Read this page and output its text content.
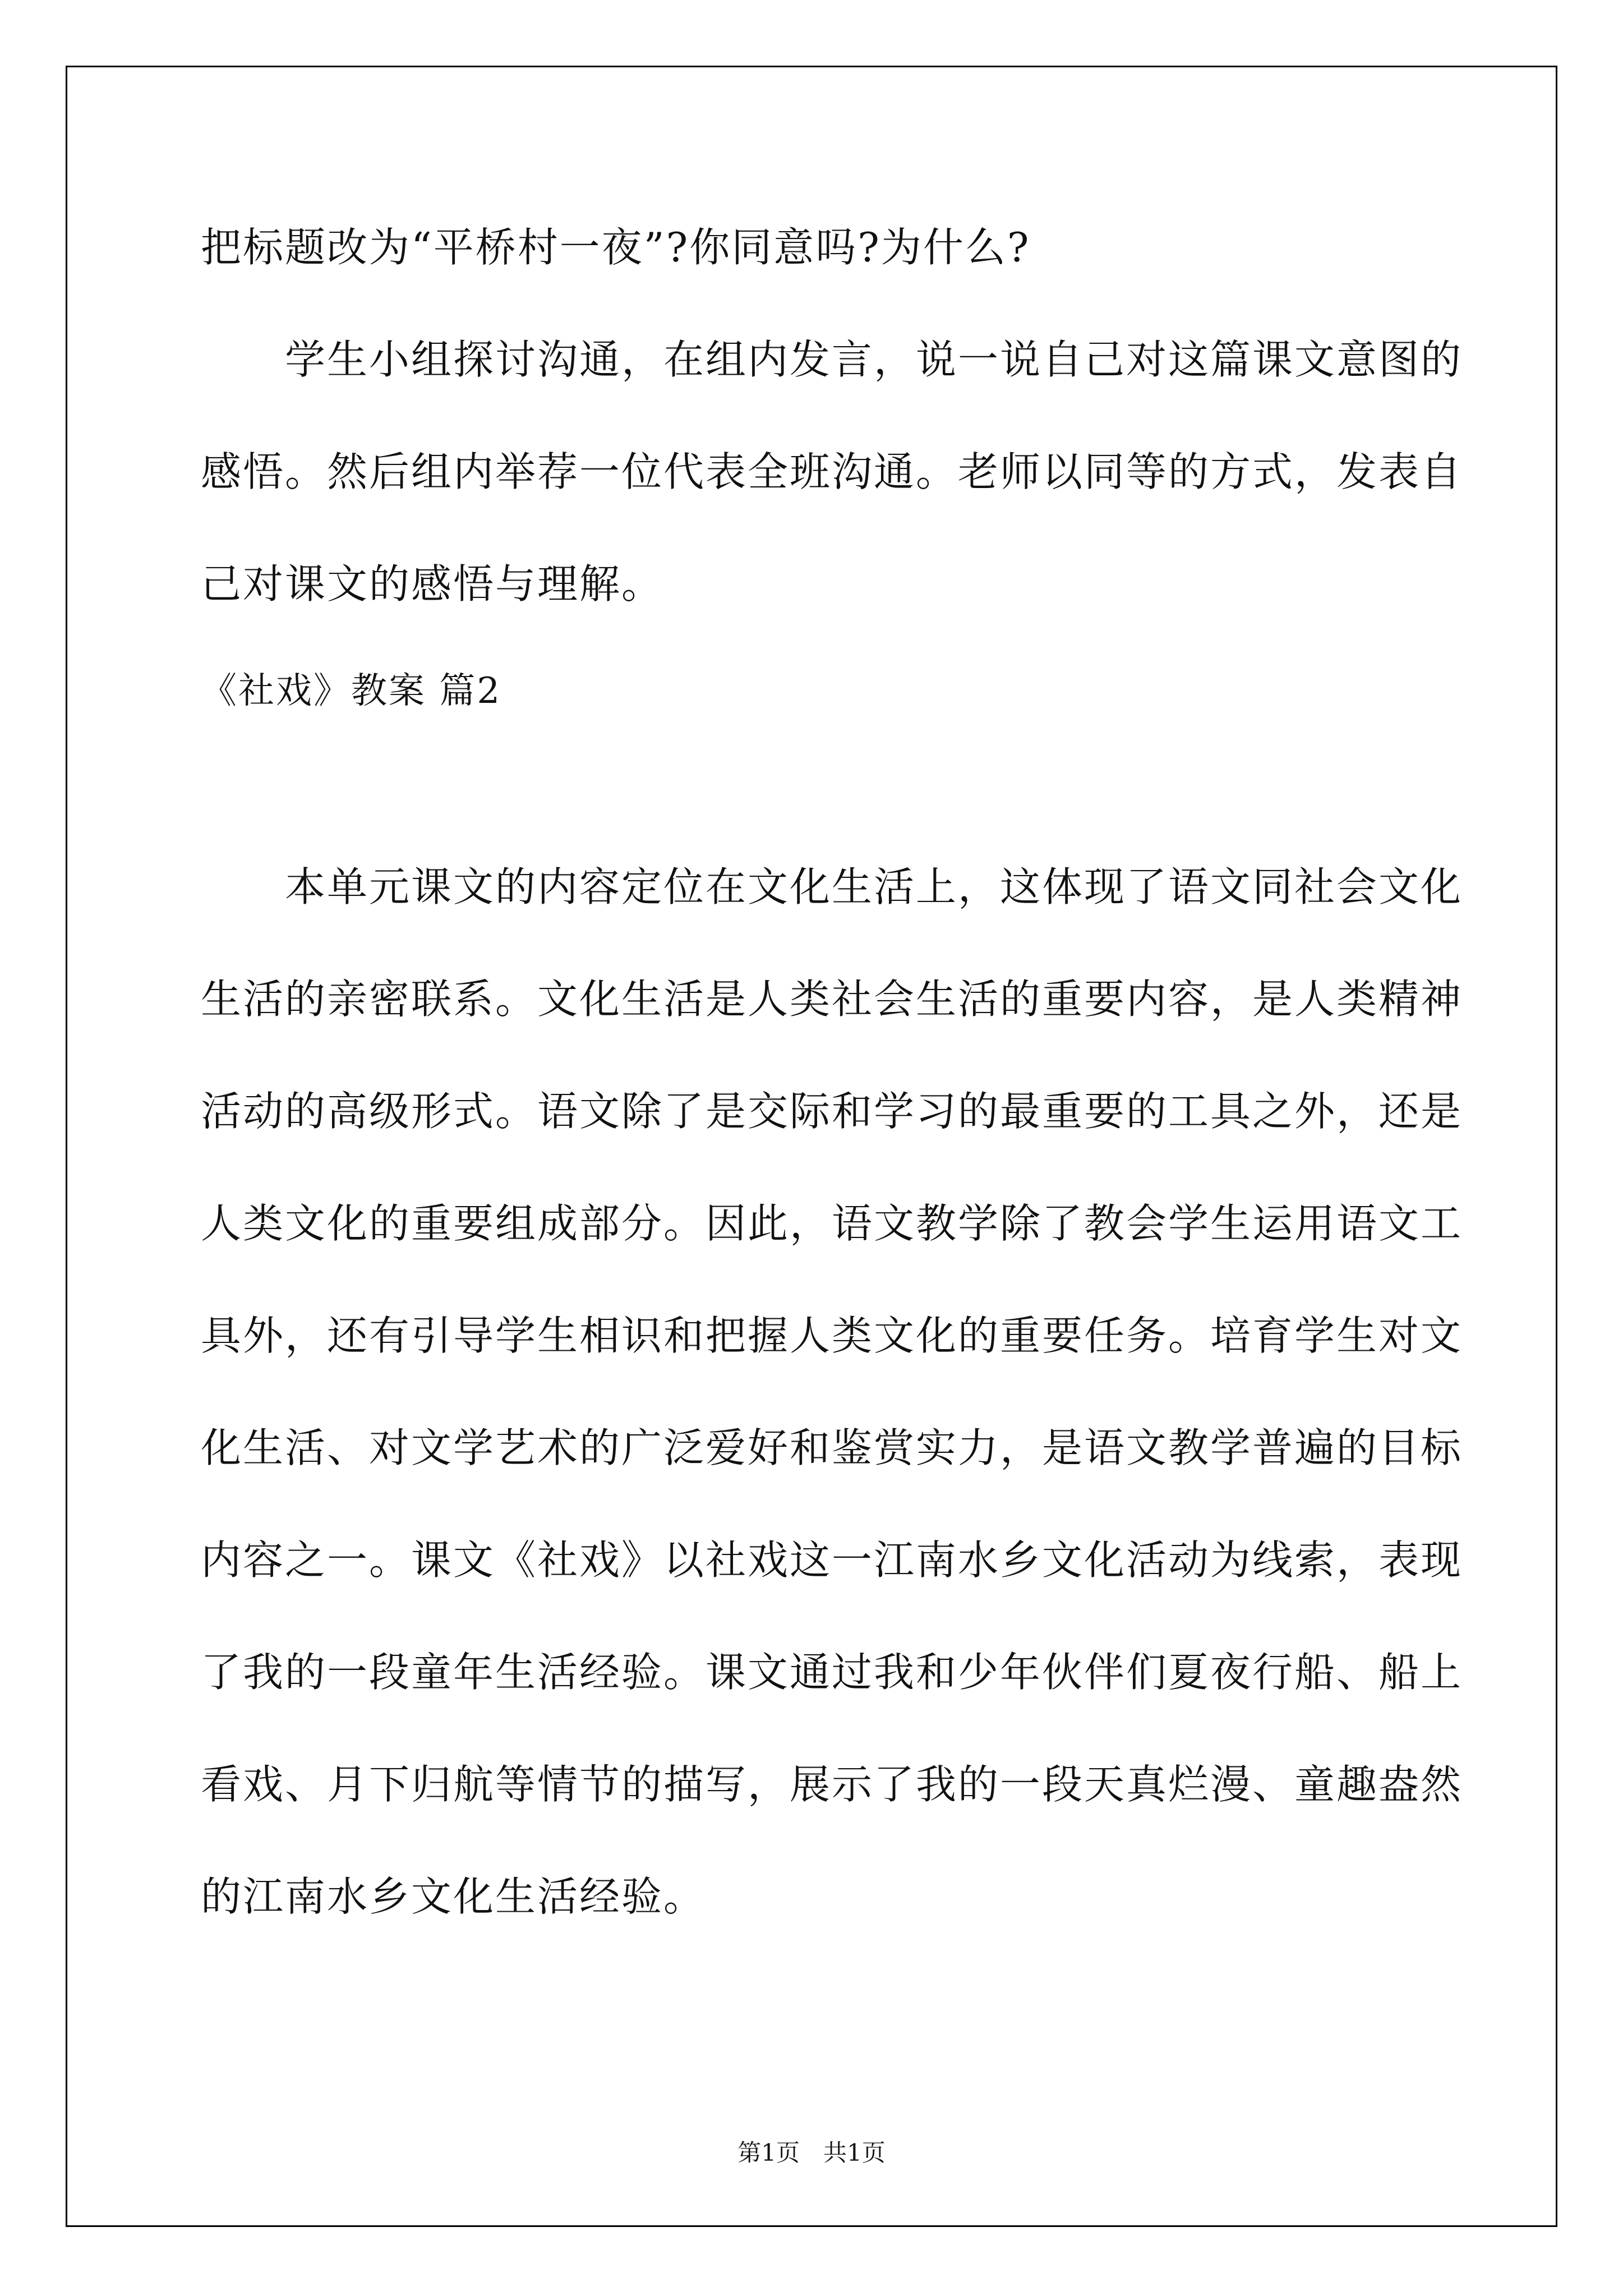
把标题改为“平桥村一夜”?你同意吗?为什么?
　　学生小组探讨沟通，在组内发言，说一说自己对这篇课文意图的
感悟。然后组内举荐一位代表全班沟通。老师以同等的方式，发表自
己对课文的感悟与理解。
《社戏》教案 篇2
　　本单元课文的内容定位在文化生活上，这体现了语文同社会文化
生活的亲密联系。文化生活是人类社会生活的重要内容，是人类精神
活动的高级形式。语文除了是交际和学习的最重要的工具之外，还是
人类文化的重要组成部分。因此，语文教学除了教会学生运用语文工
具外，还有引导学生相识和把握人类文化的重要任务。培育学生对文
化生活、对文学艺术的广泛爱好和鉴赏实力，是语文教学普遍的目标
内容之一。课文《社戏》以社戏这一江南水乡文化活动为线索，表现
了我的一段童年生活经验。课文通过我和少年伙伴们夏夜行船、船上
看戏、月下归航等情节的描写，展示了我的一段天真烂漫、童趣盎然
的江南水乡文化生活经验。
第1页　共1页
